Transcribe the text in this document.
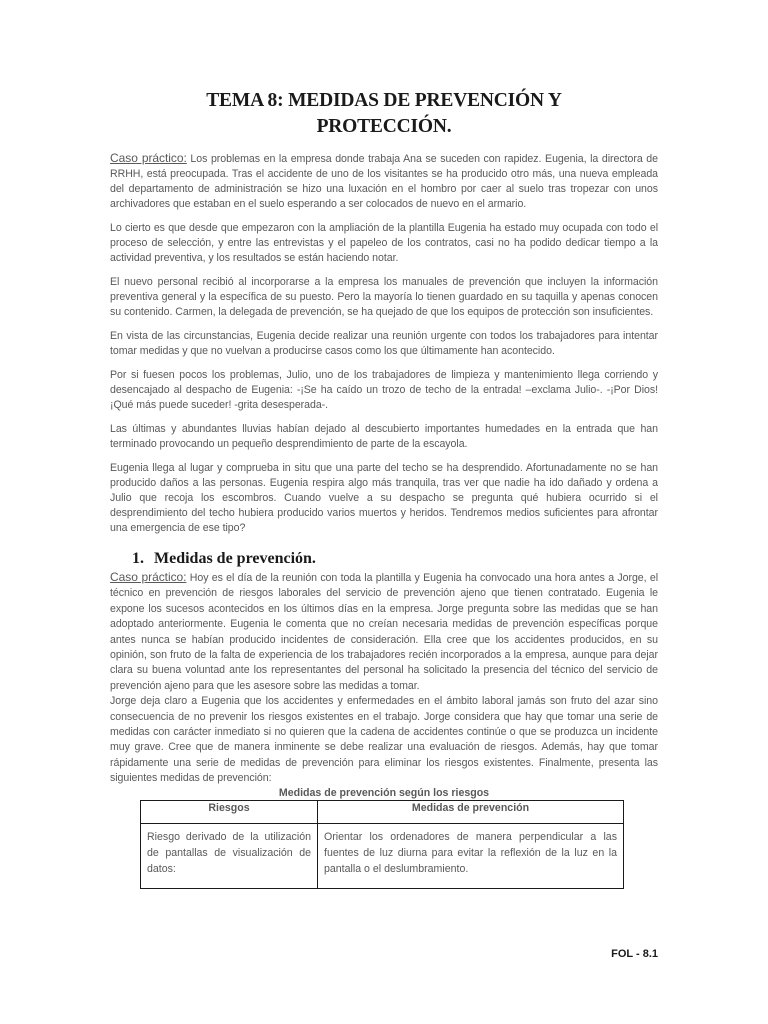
TEMA 8: MEDIDAS DE PREVENCIÓN Y
PROTECCIÓN.

Caso práctico: Los problemas en la empresa donde trabaja Ana se suceden con rapidez. Eugenia, la directora de RRHH, está preocupada. Tras el accidente de uno de los visitantes se ha producido otro más, una nueva empleada del departamento de administración se hizo una luxación en el hombro por caer al suelo tras tropezar con unos archivadores que estaban en el suelo esperando a ser colocados de nuevo en el armario.

Lo cierto es que desde que empezaron con la ampliación de la plantilla Eugenia ha estado muy ocupada con todo el proceso de selección, y entre las entrevistas y el papeleo de los contratos, casi no ha podido dedicar tiempo a la actividad preventiva, y los resultados se están haciendo notar.

El nuevo personal recibió al incorporarse a la empresa los manuales de prevención que incluyen la información preventiva general y la específica de su puesto. Pero la mayoría lo tienen guardado en su taquilla y apenas conocen su contenido. Carmen, la delegada de prevención, se ha quejado de que los equipos de protección son insuficientes.

En vista de las circunstancias, Eugenia decide realizar una reunión urgente con todos los trabajadores para intentar tomar medidas y que no vuelvan a producirse casos como los que últimamente han acontecido.

Por si fuesen pocos los problemas, Julio, uno de los trabajadores de limpieza y mantenimiento llega corriendo y desencajado al despacho de Eugenia: -¡Se ha caído un trozo de techo de la entrada! –exclama Julio-. -¡Por Dios! ¡Qué más puede suceder! -grita desesperada-.

Las últimas y abundantes lluvias habían dejado al descubierto importantes humedades en la entrada que han terminado provocando un pequeño desprendimiento de parte de la escayola.

Eugenia llega al lugar y comprueba in situ que una parte del techo se ha desprendido. Afortunadamente no se han producido daños a las personas. Eugenia respira algo más tranquila, tras ver que nadie ha ido dañado y ordena a Julio que recoja los escombros. Cuando vuelve a su despacho se pregunta qué hubiera ocurrido si el desprendimiento del techo hubiera producido varios muertos y heridos. Tendremos medios suficientes para afrontar una emergencia de ese tipo?

1. Medidas de prevención.

Caso práctico: Hoy es el día de la reunión con toda la plantilla y Eugenia ha convocado una hora antes a Jorge, el técnico en prevención de riesgos laborales del servicio de prevención ajeno que tienen contratado. Eugenia le expone los sucesos acontecidos en los últimos días en la empresa. Jorge pregunta sobre las medidas que se han adoptado anteriormente. Eugenia le comenta que no creían necesaria medidas de prevención específicas porque antes nunca se habían producido incidentes de consideración. Ella cree que los accidentes producidos, en su opinión, son fruto de la falta de experiencia de los trabajadores recién incorporados a la empresa, aunque para dejar clara su buena voluntad ante los representantes del personal ha solicitado la presencia del técnico del servicio de prevención ajeno para que les asesore sobre las medidas a tomar.

Jorge deja claro a Eugenia que los accidentes y enfermedades en el ámbito laboral jamás son fruto del azar sino consecuencia de no prevenir los riesgos existentes en el trabajo. Jorge considera que hay que tomar una serie de medidas con carácter inmediato si no quieren que la cadena de accidentes continúe o que se produzca un incidente muy grave. Cree que de manera inminente se debe realizar una evaluación de riesgos. Además, hay que tomar rápidamente una serie de medidas de prevención para eliminar los riesgos existentes. Finalmente, presenta las siguientes medidas de prevención:

Medidas de prevención según los riesgos

Riesgos	Medidas de prevención
Riesgo derivado de la utilización de pantallas de visualización de datos:	Orientar los ordenadores de manera perpendicular a las fuentes de luz diurna para evitar la reflexión de la luz en la pantalla o el deslumbramiento.
FOL - 8.1
